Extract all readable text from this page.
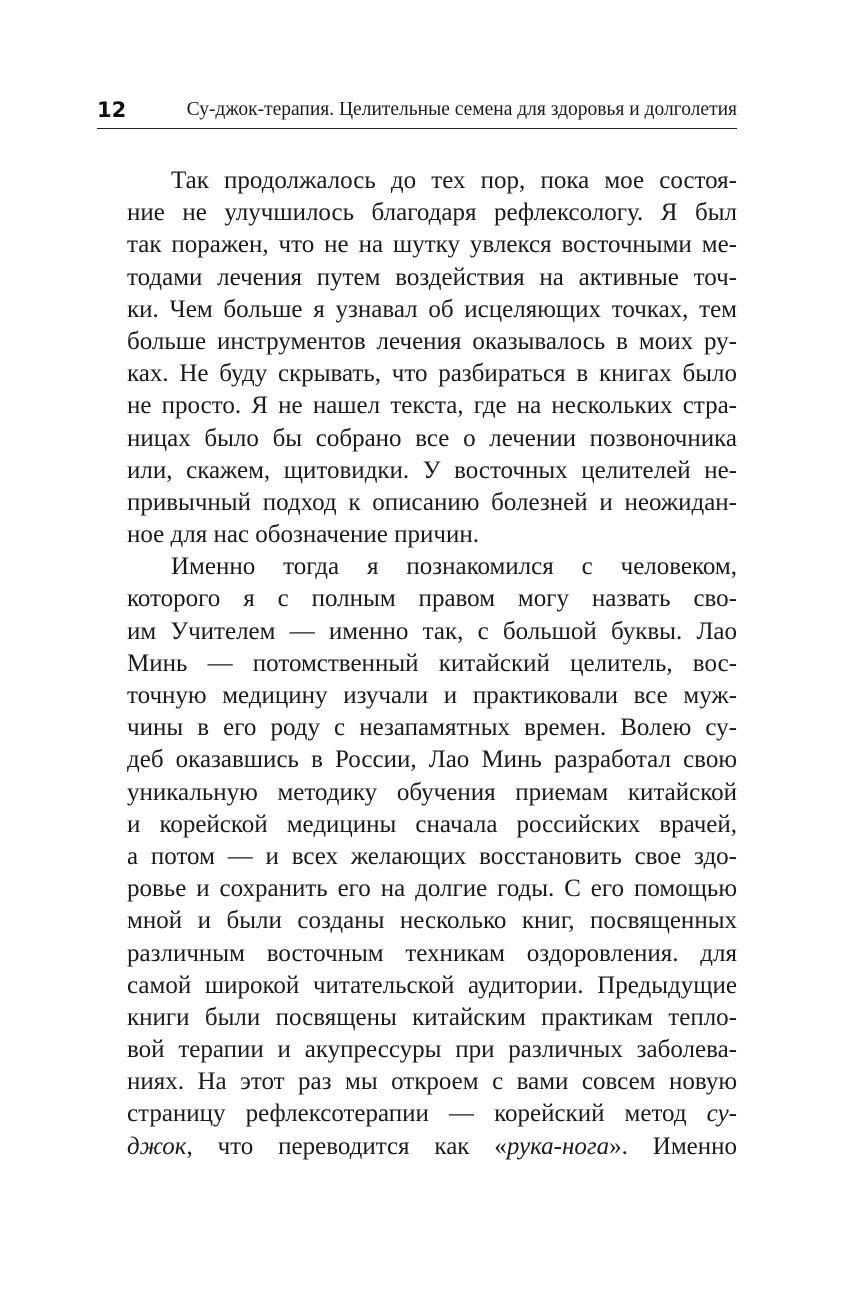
12	Су-джок-терапия. Целительные семена для здоровья и долголетия
Так продолжалось до тех пор, пока мое состоя-
ние не улучшилось благодаря рефлексологу. Я был
так поражен, что не на шутку увлекся восточными ме-
тодами лечения путем воздействия на активные точ-
ки. Чем больше я узнавал об исцеляющих точках, тем
больше инструментов лечения оказывалось в моих ру-
ках. Не буду скрывать, что разбираться в книгах было
не просто. Я не нашел текста, где на нескольких стра-
ницах было бы собрано все о лечении позвоночника
или, скажем, щитовидки. У восточных целителей не-
привычный подход к описанию болезней и неожидан-
ное для нас обозначение причин.
Именно тогда я познакомился с человеком,
которого я с полным правом могу назвать сво-
им Учителем — именно так, с большой буквы. Лао
Минь — потомственный китайский целитель, вос-
точную медицину изучали и практиковали все муж-
чины в его роду с незапамятных времен. Волею су-
деб оказавшись в России, Лао Минь разработал свою
уникальную методику обучения приемам китайской
и корейской медицины сначала российских врачей,
а потом — и всех желающих восстановить свое здо-
ровье и сохранить его на долгие годы. С его помощью
мной и были созданы несколько книг, посвященных
различным восточным техникам оздоровления. для
самой широкой читательской аудитории. Предыдущие
книги были посвящены китайским практикам тепло-
вой терапии и акупрессуры при различных заболева-
ниях. На этот раз мы откроем с вами совсем новую
страницу рефлексотерапии — корейский метод су-
джок, что переводится как «рука-нога». Именно
